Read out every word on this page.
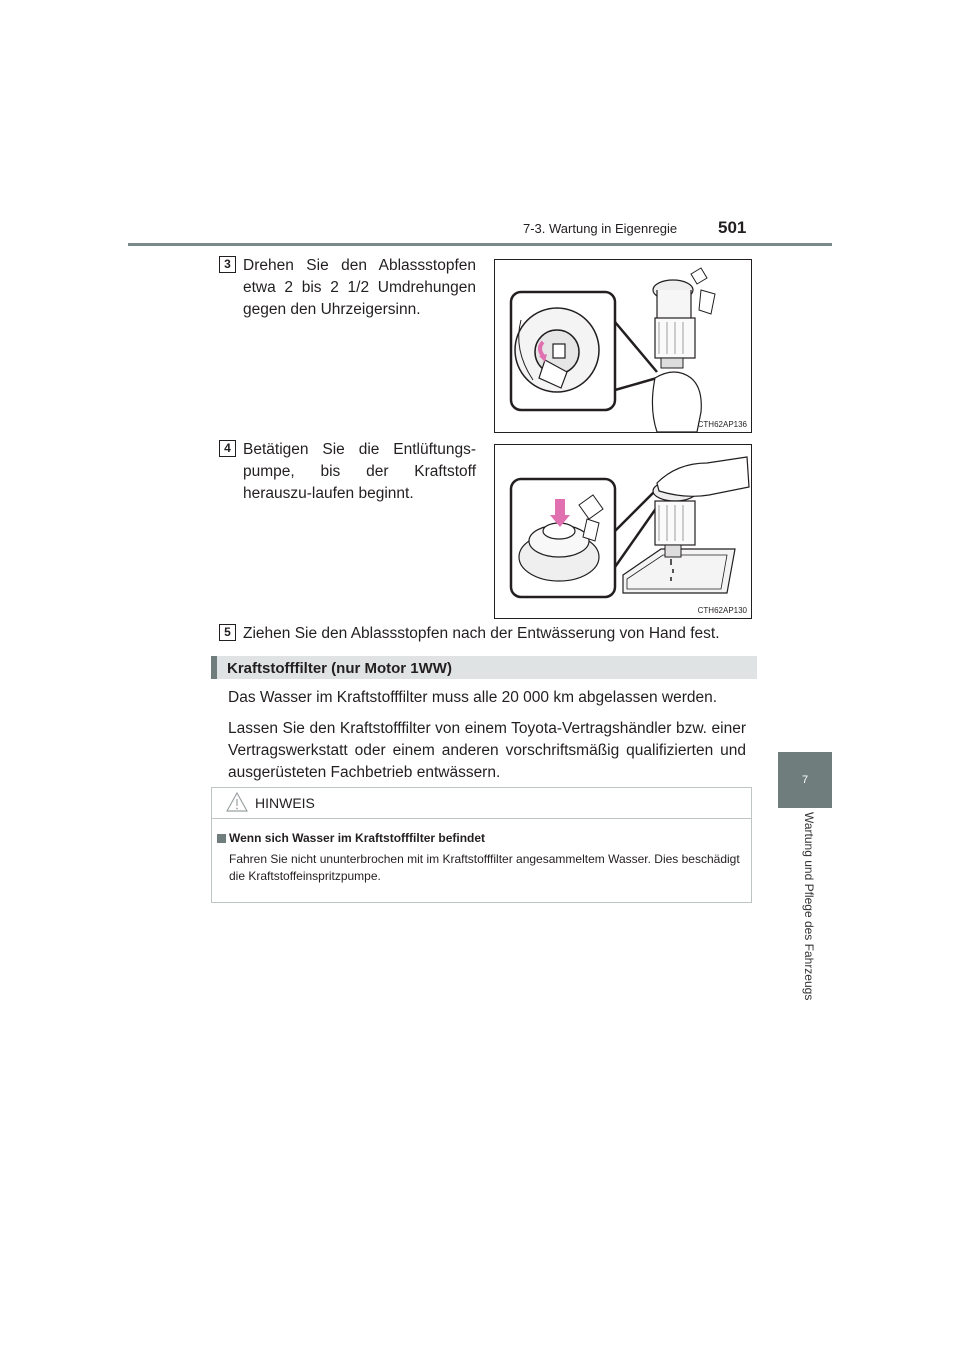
7-3. Wartung in Eigenregie 501
7
Wartung und Pflege des Fahrzeugs
3 Drehen Sie den Ablassstopfen etwa 2 bis 2 1/2 Umdrehungen gegen den Uhrzeigersinn.
CTH62AP136
4 Betätigen Sie die Entlüftungs-pumpe, bis der Kraftstoff herauszu-laufen beginnt.
CTH62AP130
5 Ziehen Sie den Ablassstopfen nach der Entwässerung von Hand fest.
Kraftstofffilter (nur Motor 1WW)
Das Wasser im Kraftstofffilter muss alle 20 000 km abgelassen werden.
Lassen Sie den Kraftstofffilter von einem Toyota-Vertragshändler bzw. einer Vertragswerkstatt oder einem anderen vorschriftsmäßig qualifizierten und ausgerüsteten Fachbetrieb entwässern.
HINWEIS
Wenn sich Wasser im Kraftstofffilter befindet
Fahren Sie nicht ununterbrochen mit im Kraftstofffilter angesammeltem Wasser. Dies beschädigt die Kraftstoffeinspritzpumpe.
